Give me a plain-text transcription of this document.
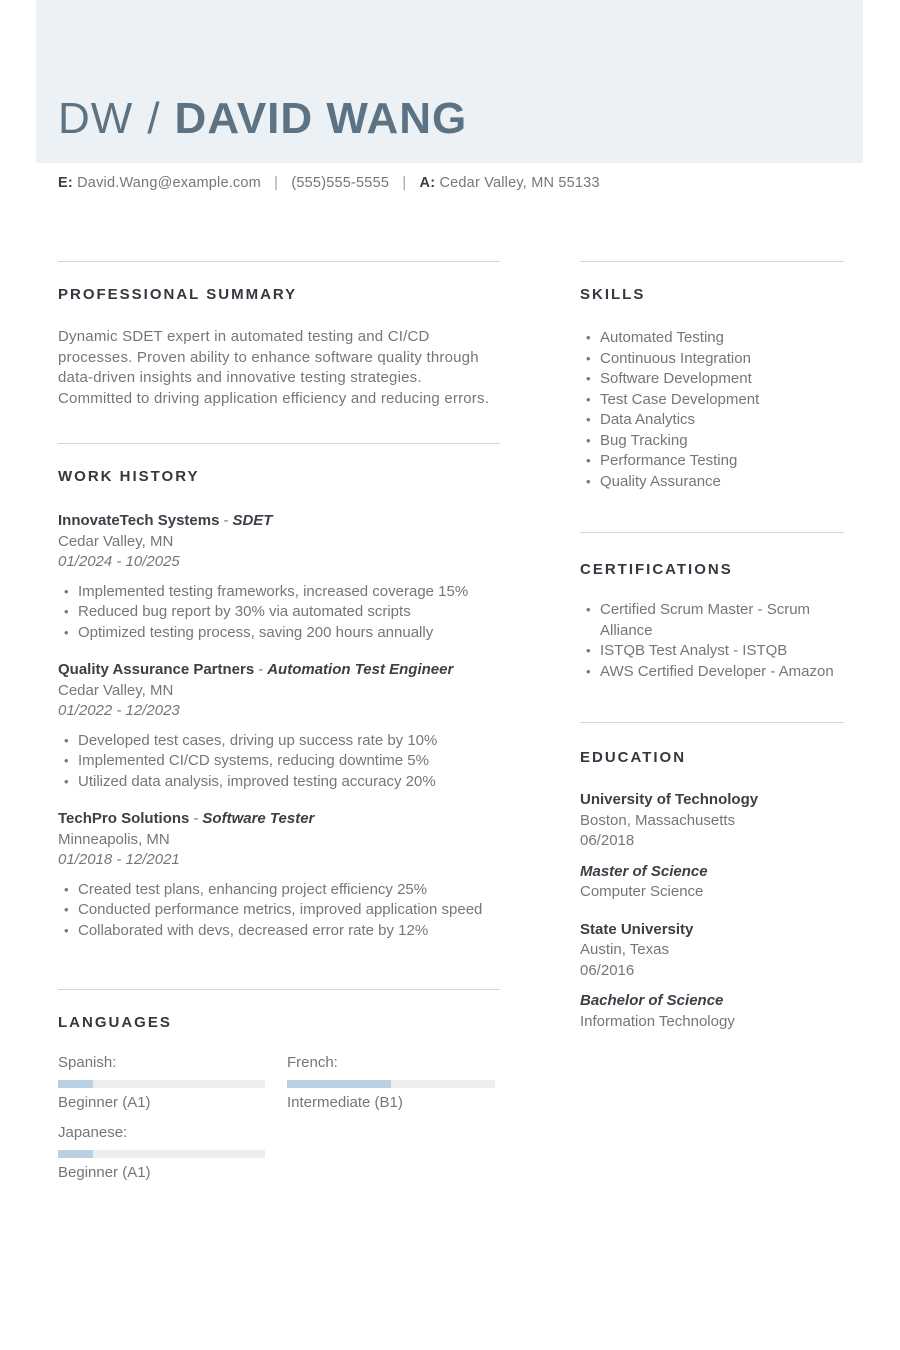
DW / DAVID WANG
E: David.Wang@example.com | (555)555-5555 | A: Cedar Valley, MN 55133
PROFESSIONAL SUMMARY

Dynamic SDET expert in automated testing and CI/CD processes. Proven ability to enhance software quality through data-driven insights and innovative testing strategies. Committed to driving application efficiency and reducing errors.

WORK HISTORY
InnovateTech Systems - SDET
Cedar Valley, MN
01/2024 - 10/2025
• Implemented testing frameworks, increased coverage 15%
• Reduced bug report by 30% via automated scripts
• Optimized testing process, saving 200 hours annually
Quality Assurance Partners - Automation Test Engineer
Cedar Valley, MN
01/2022 - 12/2023
• Developed test cases, driving up success rate by 10%
• Implemented CI/CD systems, reducing downtime 5%
• Utilized data analysis, improved testing accuracy 20%
TechPro Solutions - Software Tester
Minneapolis, MN
01/2018 - 12/2021
• Created test plans, enhancing project efficiency 25%
• Conducted performance metrics, improved application speed
• Collaborated with devs, decreased error rate by 12%
LANGUAGES
Spanish:
Beginner (A1)
French:
Intermediate (B1)
Japanese:
Beginner (A1)
SKILLS
• Automated Testing
• Continuous Integration
• Software Development
• Test Case Development
• Data Analytics
• Bug Tracking
• Performance Testing
• Quality Assurance
CERTIFICATIONS
• Certified Scrum Master - Scrum Alliance
• ISTQB Test Analyst - ISTQB
• AWS Certified Developer - Amazon
EDUCATION
University of Technology
Boston, Massachusetts
06/2018
Master of Science
Computer Science
State University
Austin, Texas
06/2016
Bachelor of Science
Information Technology
